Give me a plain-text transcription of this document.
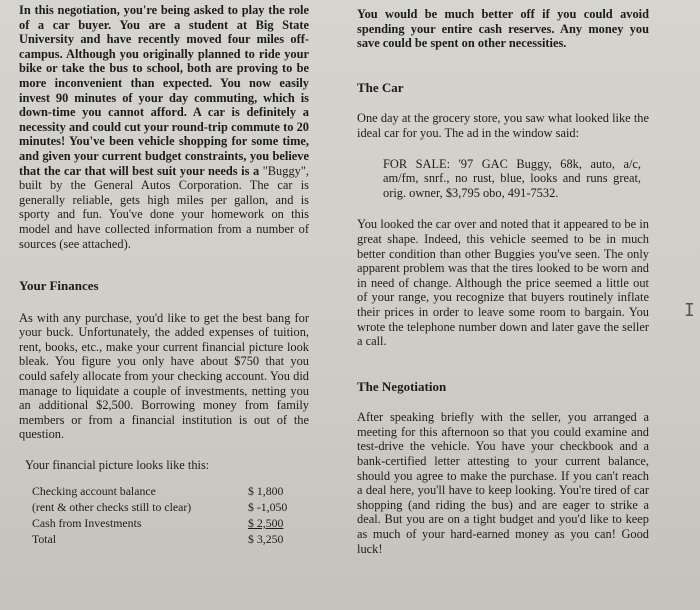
In this negotiation, you're being asked to play the role of a car buyer. You are a student at Big State University and have recently moved four miles off-campus. Although you originally planned to ride your bike or take the bus to school, both are proving to be more inconvenient than expected. You now easily invest 90 minutes of your day commuting, which is down-time you cannot afford. A car is definitely a necessity and could cut your round-trip commute to 20 minutes! You've been vehicle shopping for some time, and given your current budget constraints, you believe that the car that will best suit your needs is a "Buggy", built by the General Autos Corporation. The car is generally reliable, gets high miles per gallon, and is sporty and fun. You've done your homework on this model and have collected information from a number of sources (see attached).

Your Finances

As with any purchase, you'd like to get the best bang for your buck. Unfortunately, the added expenses of tuition, rent, books, etc., make your current financial picture look bleak. You figure you only have about $750 that you could safely allocate from your checking account. You did manage to liquidate a couple of investments, netting you an additional $2,500. Borrowing money from family members or from a financial institution is out of the question.

Your financial picture looks like this:

Checking account balance	$ 1,800
(rent & other checks still to clear)	$ -1,050
Cash from Investments	$ 2,500
Total	$ 3,250

You would be much better off if you could avoid spending your entire cash reserves. Any money you save could be spent on other necessities.

The Car

One day at the grocery store, you saw what looked like the ideal car for you. The ad in the window said:

FOR SALE: '97 GAC Buggy, 68k, auto, a/c, am/fm, snrf., no rust, blue, looks and runs great, orig. owner, $3,795 obo, 491-7532.

You looked the car over and noted that it appeared to be in great shape. Indeed, this vehicle seemed to be in much better condition than other Buggies you've seen. The only apparent problem was that the tires looked to be worn and in need of change. Although the price seemed a little out of your range, you recognize that buyers routinely inflate their prices in order to leave some room to bargain. You wrote the telephone number down and later gave the seller a call.

The Negotiation

After speaking briefly with the seller, you arranged a meeting for this afternoon so that you could examine and test-drive the vehicle. You have your checkbook and a bank-certified letter attesting to your current balance, should you agree to make the purchase. If you can't reach a deal here, you'll have to keep looking. You're tired of car shopping (and riding the bus) and are eager to strike a deal. But you are on a tight budget and you'd like to keep as much of your hard-earned money as you can! Good luck!

I
